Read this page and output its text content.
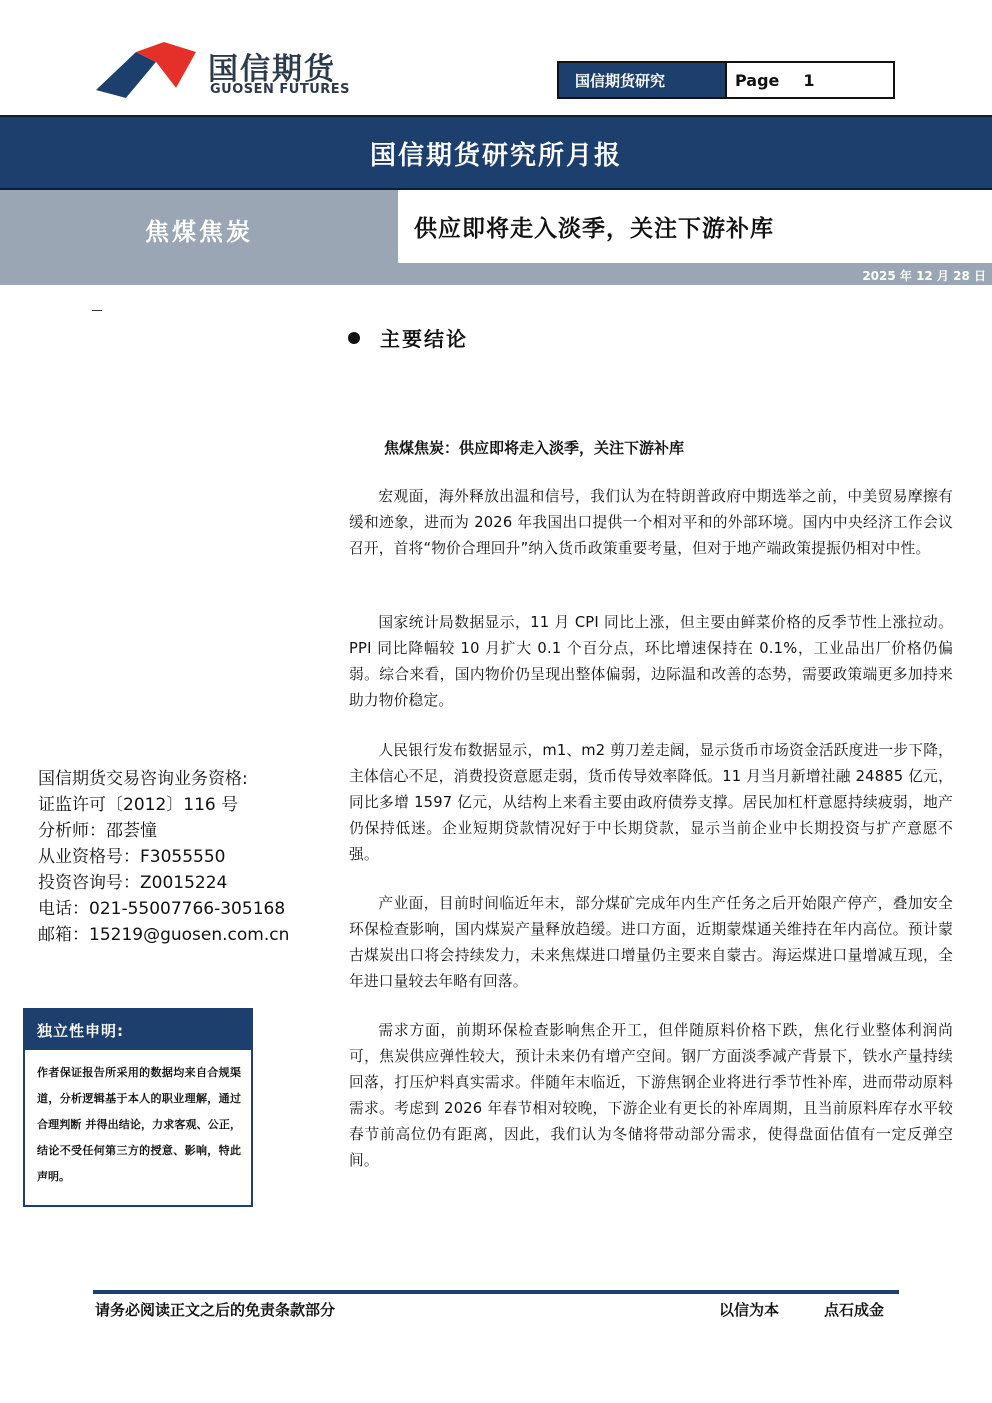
国信期货
GUOSEN FUTURES	国信期货研究	Page 1
国信期货研究所月报
焦煤焦炭	供应即将走入淡季，关注下游补库
2025 年 12 月 28 日
主要结论
焦煤焦炭：供应即将走入淡季，关注下游补库
宏观面，海外释放出温和信号，我们认为在特朗普政府中期选举之前，中美贸易摩擦有缓和迹象，进而为 2026 年我国出口提供一个相对平和的外部环境。国内中央经济工作会议召开，首将“物价合理回升”纳入货币政策重要考量，但对于地产端政策提振仍相对中性。
国家统计局数据显示，11 月 CPI 同比上涨，但主要由鲜菜价格的反季节性上涨拉动。PPI 同比降幅较 10 月扩大 0.1 个百分点，环比增速保持在 0.1%，工业品出厂价格仍偏弱。综合来看，国内物价仍呈现出整体偏弱，边际温和改善的态势，需要政策端更多加持来助力物价稳定。
人民银行发布数据显示，m1、m2 剪刀差走阔，显示货币市场资金活跃度进一步下降，主体信心不足，消费投资意愿走弱，货币传导效率降低。11 月当月新增社融 24885 亿元，同比多增 1597 亿元，从结构上来看主要由政府债券支撑。居民加杠杆意愿持续疲弱，地产仍保持低迷。企业短期贷款情况好于中长期贷款，显示当前企业中长期投资与扩产意愿不强。
产业面，目前时间临近年末，部分煤矿完成年内生产任务之后开始限产停产，叠加安全环保检查影响，国内煤炭产量释放趋缓。进口方面，近期蒙煤通关维持在年内高位。预计蒙古煤炭出口将会持续发力，未来焦煤进口增量仍主要来自蒙古。海运煤进口量增减互现，全年进口量较去年略有回落。
需求方面，前期环保检查影响焦企开工，但伴随原料价格下跌，焦化行业整体利润尚可，焦炭供应弹性较大，预计未来仍有增产空间。钢厂方面淡季减产背景下，铁水产量持续回落，打压炉料真实需求。伴随年末临近，下游焦钢企业将进行季节性补库，进而带动原料需求。考虑到 2026 年春节相对较晚，下游企业有更长的补库周期，且当前原料库存水平较春节前高位仍有距离，因此，我们认为冬储将带动部分需求，使得盘面估值有一定反弹空间。
国信期货交易咨询业务资格:
证监许可〔2012〕116 号
分析师：邵荟憧
从业资格号：F3055550
投资咨询号：Z0015224
电话：021-55007766-305168
邮箱：15219@guosen.com.cn
独立性申明:
作者保证报告所采用的数据均来自合规渠道，分析逻辑基于本人的职业理解，通过合理判断 并得出结论，力求客观、公正，结论不受任何第三方的授意、影响，特此声明。
请务必阅读正文之后的免责条款部分	以信为本	点石成金
